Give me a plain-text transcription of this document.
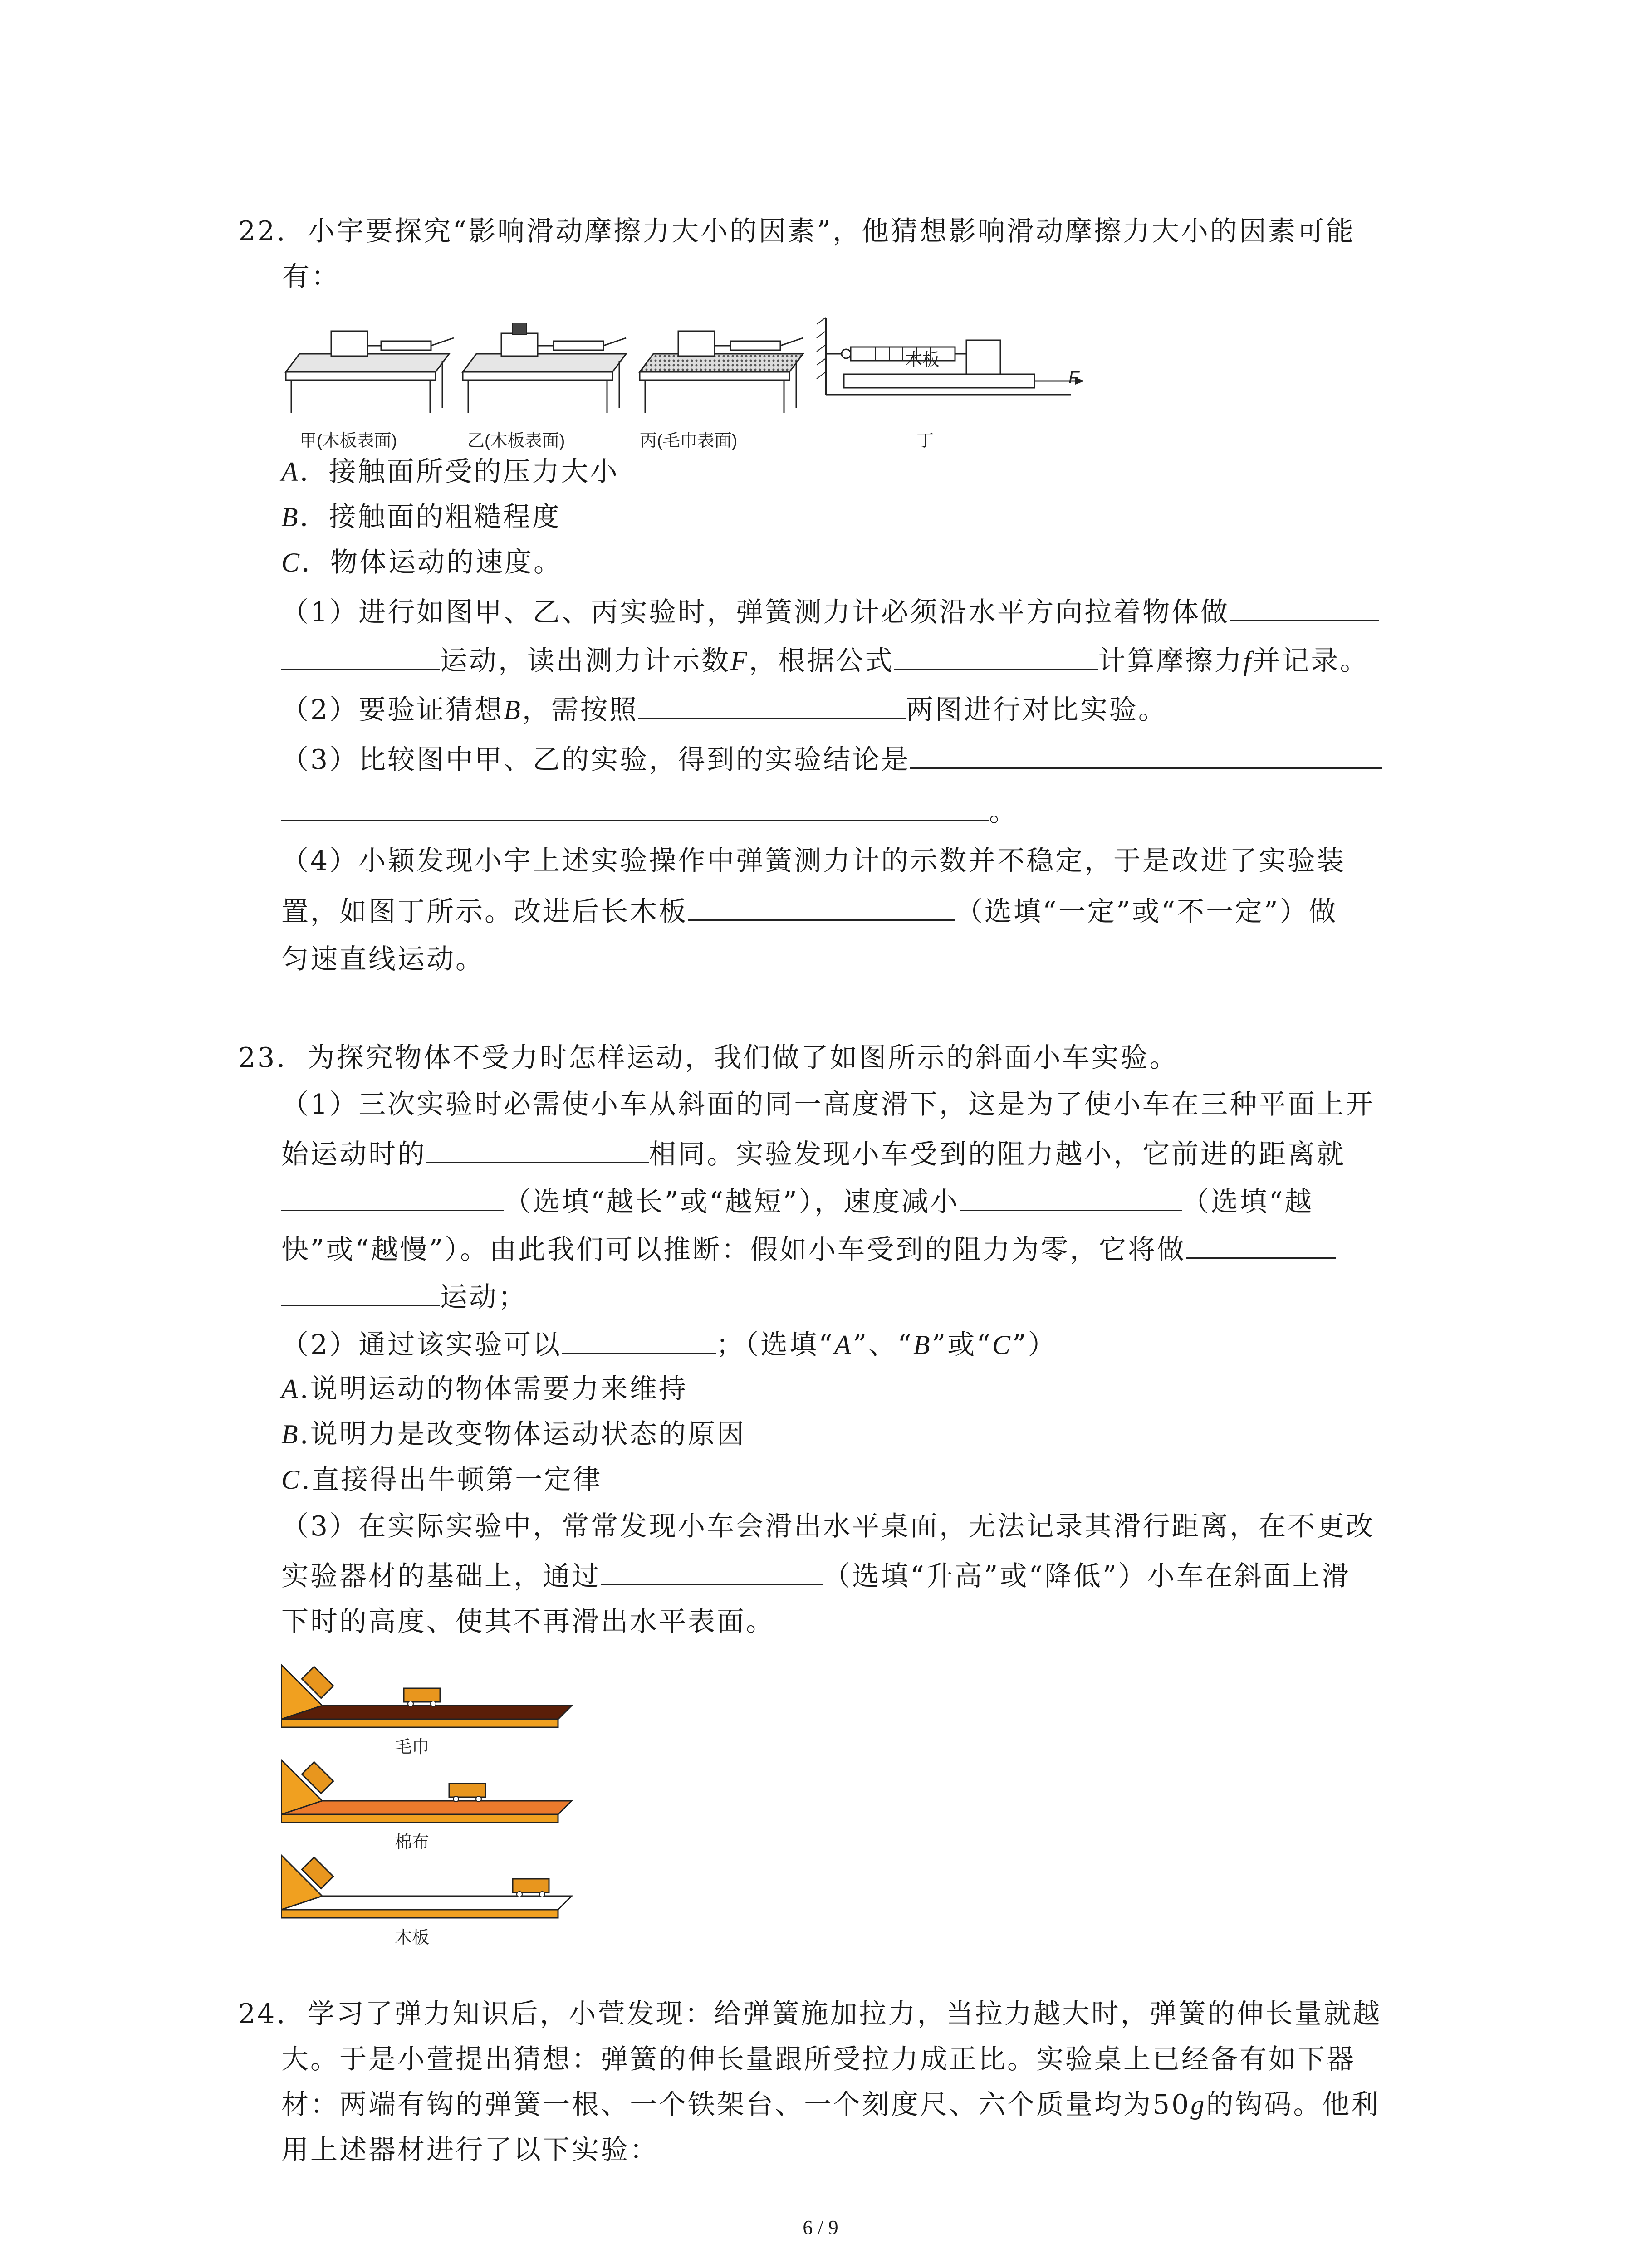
22. 小宇要探究“影响滑动摩擦力大小的因素”，他猜想影响滑动摩擦力大小的因素可能
有：
木板
F
甲(木板表面)	乙(木板表面)	丙(毛巾表面)	丁
A．接触面所受的压力大小
B．接触面的粗糙程度
C．物体运动的速度。
（1）进行如图甲、乙、丙实验时，弹簧测力计必须沿水平方向拉着物体做
运动，读出测力计示数F，根据公式	计算摩擦力f并记录。
（2）要验证猜想B，需按照	两图进行对比实验。
（3）比较图中甲、乙的实验，得到的实验结论是
。
（4）小颖发现小宇上述实验操作中弹簧测力计的示数并不稳定，于是改进了实验装
置，如图丁所示。改进后长木板	（选填“一定”或“不一定”）做
匀速直线运动。
23. 为探究物体不受力时怎样运动，我们做了如图所示的斜面小车实验。
（1）三次实验时必需使小车从斜面的同一高度滑下，这是为了使小车在三种平面上开
始运动时的	相同。实验发现小车受到的阻力越小，它前进的距离就
（选填“越长”或“越短”），速度减小	（选填“越
快”或“越慢”）。由此我们可以推断：假如小车受到的阻力为零，它将做
运动；
（2）通过该实验可以	；（选填“A”、“B”或“C”）
A.说明运动的物体需要力来维持
B.说明力是改变物体运动状态的原因
C.直接得出牛顿第一定律
（3）在实际实验中，常常发现小车会滑出水平桌面，无法记录其滑行距离，在不更改
实验器材的基础上，通过	（选填“升高”或“降低”）小车在斜面上滑
下时的高度、使其不再滑出水平表面。
毛巾
棉布
木板
24. 学习了弹力知识后，小萱发现：给弹簧施加拉力，当拉力越大时，弹簧的伸长量就越
大。于是小萱提出猜想：弹簧的伸长量跟所受拉力成正比。实验桌上已经备有如下器
材：两端有钩的弹簧一根、一个铁架台、一个刻度尺、六个质量均为50g的钩码。他利
用上述器材进行了以下实验：
6 / 9
